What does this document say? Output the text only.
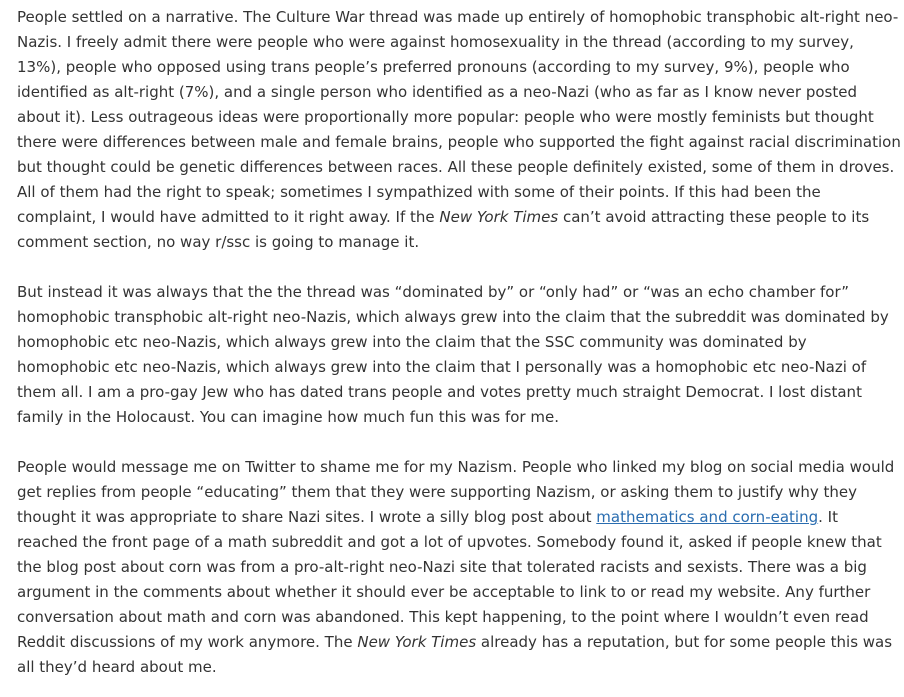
People settled on a narrative. The Culture War thread was made up entirely of homophobic transphobic alt-right neo-Nazis. I freely admit there were people who were against homosexuality in the thread (according to my survey, 13%), people who opposed using trans people’s preferred pronouns (according to my survey, 9%), people who identified as alt-right (7%), and a single person who identified as a neo-Nazi (who as far as I know never posted about it). Less outrageous ideas were proportionally more popular: people who were mostly feminists but thought there were differences between male and female brains, people who supported the fight against racial discrimination but thought could be genetic differences between races. All these people definitely existed, some of them in droves. All of them had the right to speak; sometimes I sympathized with some of their points. If this had been the complaint, I would have admitted to it right away. If the New York Times can’t avoid attracting these people to its comment section, no way r/ssc is going to manage it.

But instead it was always that the the thread was “dominated by” or “only had” or “was an echo chamber for” homophobic transphobic alt-right neo-Nazis, which always grew into the claim that the subreddit was dominated by homophobic etc neo-Nazis, which always grew into the claim that the SSC community was dominated by homophobic etc neo-Nazis, which always grew into the claim that I personally was a homophobic etc neo-Nazi of them all. I am a pro-gay Jew who has dated trans people and votes pretty much straight Democrat. I lost distant family in the Holocaust. You can imagine how much fun this was for me.

People would message me on Twitter to shame me for my Nazism. People who linked my blog on social media would get replies from people “educating” them that they were supporting Nazism, or asking them to justify why they thought it was appropriate to share Nazi sites. I wrote a silly blog post about mathematics and corn-eating. It reached the front page of a math subreddit and got a lot of upvotes. Somebody found it, asked if people knew that the blog post about corn was from a pro-alt-right neo-Nazi site that tolerated racists and sexists. There was a big argument in the comments about whether it should ever be acceptable to link to or read my website. Any further conversation about math and corn was abandoned. This kept happening, to the point where I wouldn’t even read Reddit discussions of my work anymore. The New York Times already has a reputation, but for some people this was all they’d heard about me.
